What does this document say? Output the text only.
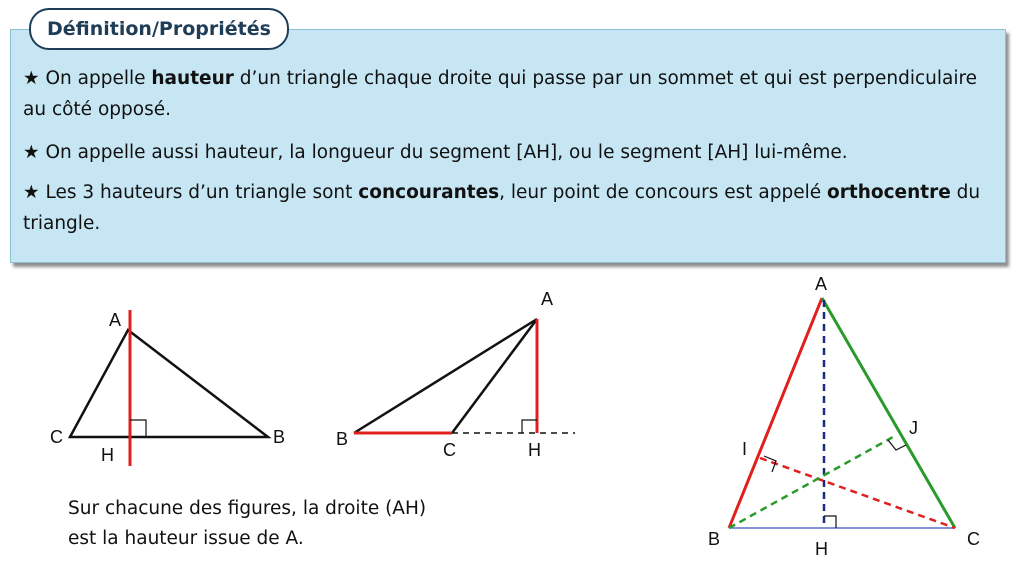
Définition/Propriétés

★ On appelle hauteur d’un triangle chaque droite qui passe par un sommet et qui est perpendiculaire au côté opposé.

★ On appelle aussi hauteur, la longueur du segment [AH], ou le segment [AH] lui-même.

★ Les 3 hauteurs d’un triangle sont concourantes, leur point de concours est appelé orthocentre du triangle.

A
B
C
H
A
B
C	H
A
B	C
H
I
J
Sur chacune des figures, la droite (AH)
est la hauteur issue de A.
